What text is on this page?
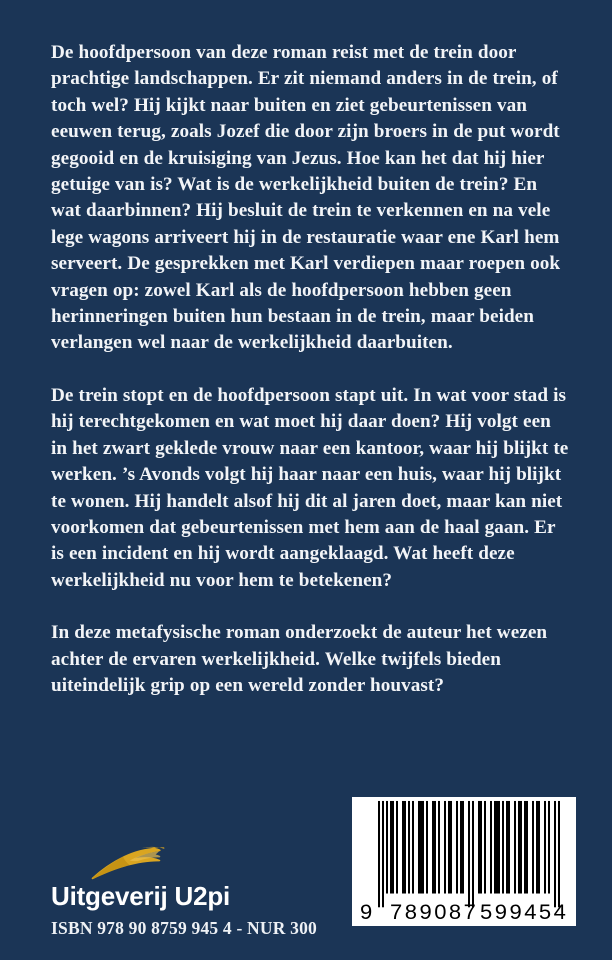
De hoofdpersoon van deze roman reist met de trein door prachtige landschappen. Er zit niemand anders in de trein, of toch wel? Hij kijkt naar buiten en ziet gebeurtenissen van eeuwen terug, zoals Jozef die door zijn broers in de put wordt gegooid en de kruisiging van Jezus. Hoe kan het dat hij hier getuige van is? Wat is de werkelijkheid buiten de trein? En wat daarbinnen? Hij besluit de trein te verkennen en na vele lege wagons arriveert hij in de restauratie waar ene Karl hem serveert. De gesprekken met Karl verdiepen maar roepen ook vragen op: zowel Karl als de hoofdpersoon hebben geen herinneringen buiten hun bestaan in de trein, maar beiden verlangen wel naar de werkelijkheid daarbuiten.

De trein stopt en de hoofdpersoon stapt uit. In wat voor stad is hij terechtgekomen en wat moet hij daar doen? Hij volgt een in het zwart geklede vrouw naar een kantoor, waar hij blijkt te werken. ’s Avonds volgt hij haar naar een huis, waar hij blijkt te wonen. Hij handelt alsof hij dit al jaren doet, maar kan niet voorkomen dat gebeurtenissen met hem aan de haal gaan. Er is een incident en hij wordt aangeklaagd. Wat heeft deze werkelijkheid nu voor hem te betekenen?

In deze metafysische roman onderzoekt de auteur het wezen achter de ervaren werkelijkheid. Welke twijfels bieden uiteindelijk grip op een wereld zonder houvast?

Uitgeverij U2pi

ISBN 978 90 8759 945 4 - NUR 300

9 789087 599454
